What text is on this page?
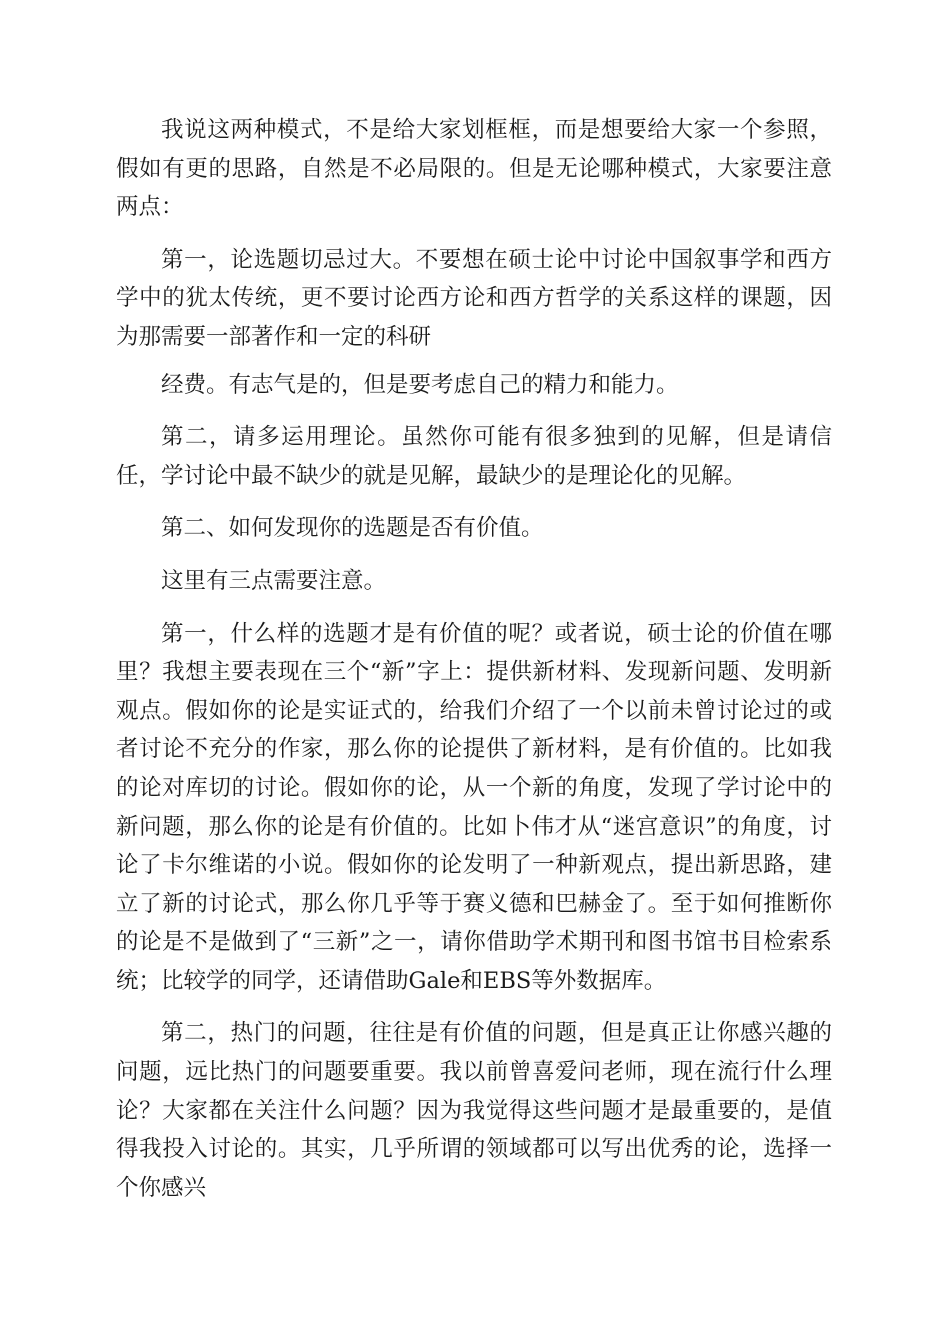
我说这两种模式，不是给大家划框框，而是想要给大家一个参照，假如有更的思路，自然是不必局限的。但是无论哪种模式，大家要注意两点：

第一，论选题切忌过大。不要想在硕士论中讨论中国叙事学和西方学中的犹太传统，更不要讨论西方论和西方哲学的关系这样的课题，因为那需要一部著作和一定的科研

经费。有志气是的，但是要考虑自己的精力和能力。

第二，请多运用理论。虽然你可能有很多独到的见解，但是请信任，学讨论中最不缺少的就是见解，最缺少的是理论化的见解。

第二、如何发现你的选题是否有价值。

这里有三点需要注意。

第一，什么样的选题才是有价值的呢？或者说，硕士论的价值在哪里？我想主要表现在三个“新”字上：提供新材料、发现新问题、发明新观点。假如你的论是实证式的，给我们介绍了一个以前未曾讨论过的或者讨论不充分的作家，那么你的论提供了新材料，是有价值的。比如我的论对库切的讨论。假如你的论，从一个新的角度，发现了学讨论中的新问题，那么你的论是有价值的。比如卜伟才从“迷宫意识”的角度，讨论了卡尔维诺的小说。假如你的论发明了一种新观点，提出新思路，建立了新的讨论式，那么你几乎等于赛义德和巴赫金了。至于如何推断你的论是不是做到了“三新”之一，请你借助学术期刊和图书馆书目检索系统；比较学的同学，还请借助Gale和EBS等外数据库。

第二，热门的问题，往往是有价值的问题，但是真正让你感兴趣的问题，远比热门的问题要重要。我以前曾喜爱问老师，现在流行什么理论？大家都在关注什么问题？因为我觉得这些问题才是最重要的，是值得我投入讨论的。其实，几乎所谓的领域都可以写出优秀的论，选择一个你感兴
